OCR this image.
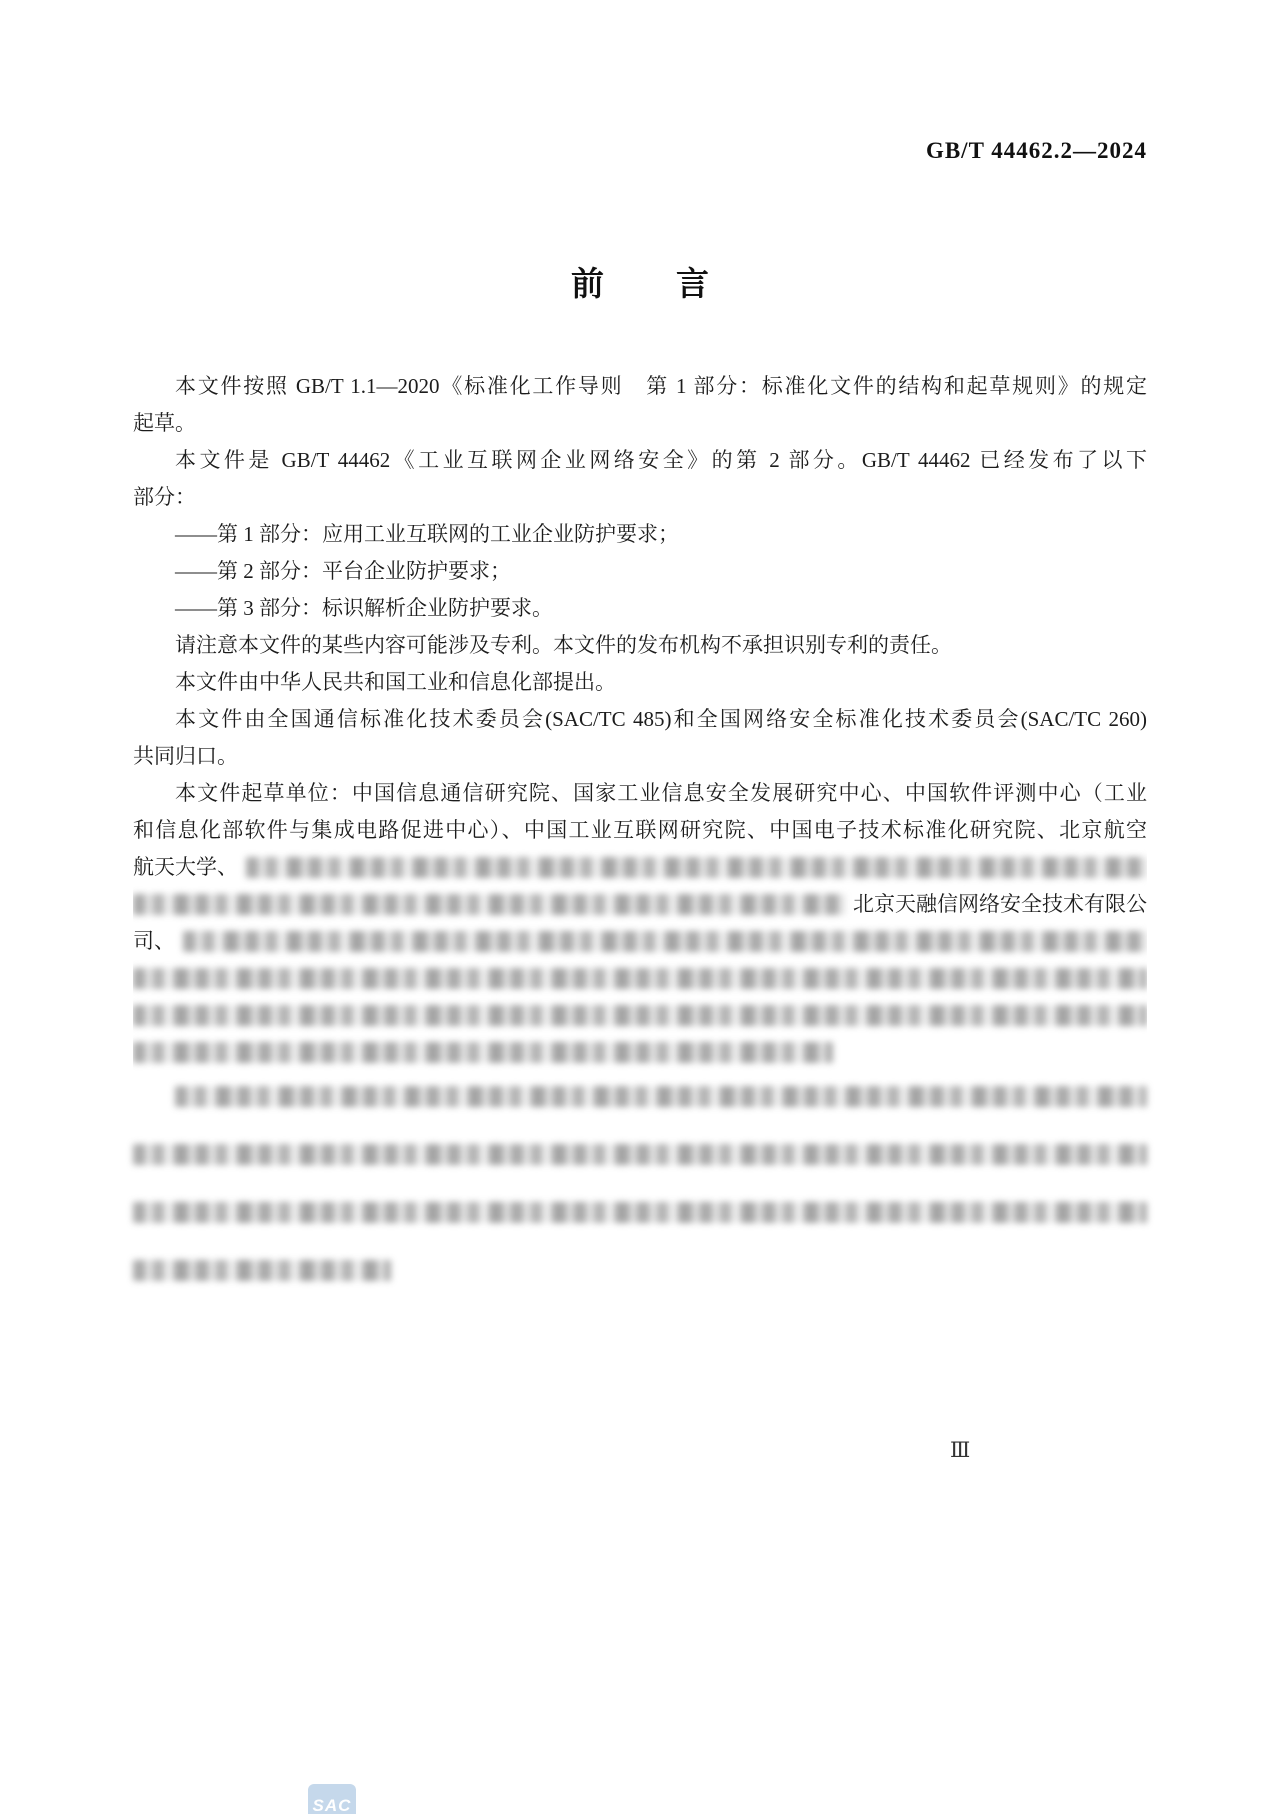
GB/T 44462.2—2024
前 言
本文件按照 GB/T 1.1—2020《标准化工作导则　第 1 部分：标准化文件的结构和起草规则》的规定
起草。
本文件是 GB/T 44462《工业互联网企业网络安全》的第 2 部分。GB/T 44462 已经发布了以下
部分：
——第 1 部分：应用工业互联网的工业企业防护要求；
——第 2 部分：平台企业防护要求；
——第 3 部分：标识解析企业防护要求。
请注意本文件的某些内容可能涉及专利。本文件的发布机构不承担识别专利的责任。
本文件由中华人民共和国工业和信息化部提出。
本文件由全国通信标准化技术委员会(SAC/TC 485)和全国网络安全标准化技术委员会(SAC/TC 260)
共同归口。
本文件起草单位：中国信息通信研究院、国家工业信息安全发展研究中心、中国软件评测中心（工业
和信息化部软件与集成电路促进中心）、中国工业互联网研究院、中国电子技术标准化研究院、北京航空
航天大学、
北京天融信网络安全技术有限公
司、
Ⅲ
SAC
